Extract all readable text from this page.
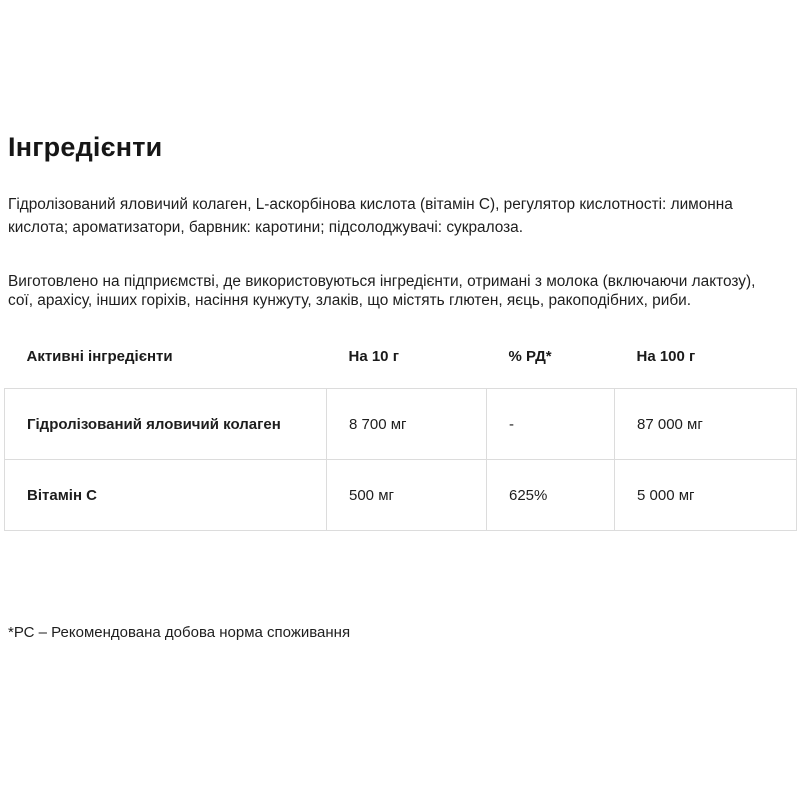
Інгредієнти

Гідролізований яловичий колаген, L-аскорбінова кислота (вітамін С), регулятор кислотності: лимонна кислота; ароматизатори, барвник: каротини; підсолоджувачі: сукралоза.

Виготовлено на підприємстві, де використовуються інгредієнти, отримані з молока (включаючи лактозу), сої, арахісу, інших горіхів, насіння кунжуту, злаків, що містять глютен, яєць, ракоподібних, риби.

Активні інгредієнти	На 10 г	% РД*	На 100 г
Гідролізований яловичий колаген	8 700 мг	-	87 000 мг
Вітамін С	500 мг	625%	5 000 мг

*РС – Рекомендована добова норма споживання
